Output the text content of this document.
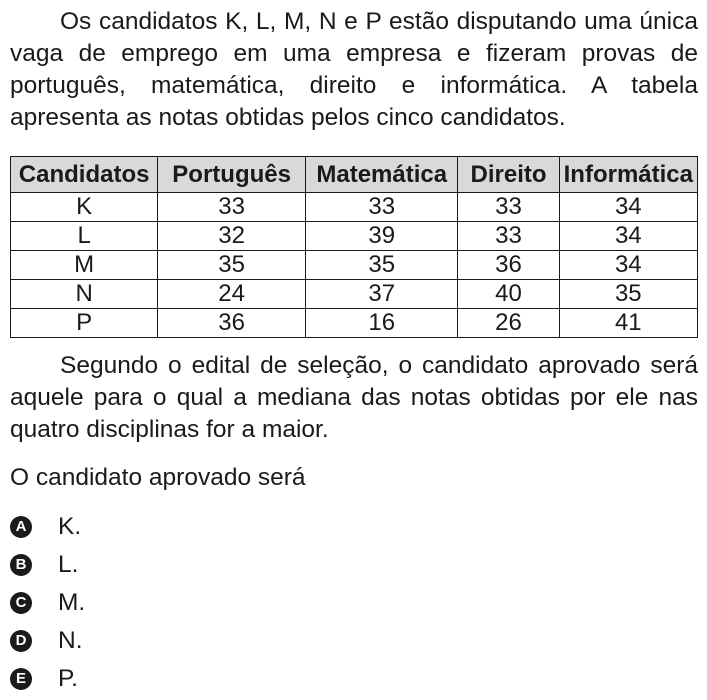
Os candidatos K, L, M, N e P estão disputando uma única vaga de emprego em uma empresa e fizeram provas de português, matemática, direito e informática. A tabela apresenta as notas obtidas pelos cinco candidatos.

Candidatos	Português	Matemática	Direito	Informática
K	33	33	33	34
L	32	39	33	34
M	35	35	36	34
N	24	37	40	35
P	36	16	26	41

Segundo o edital de seleção, o candidato aprovado será aquele para o qual a mediana das notas obtidas por ele nas quatro disciplinas for a maior.

O candidato aprovado será

A K.
B L.
C M.
D N.
E P.
